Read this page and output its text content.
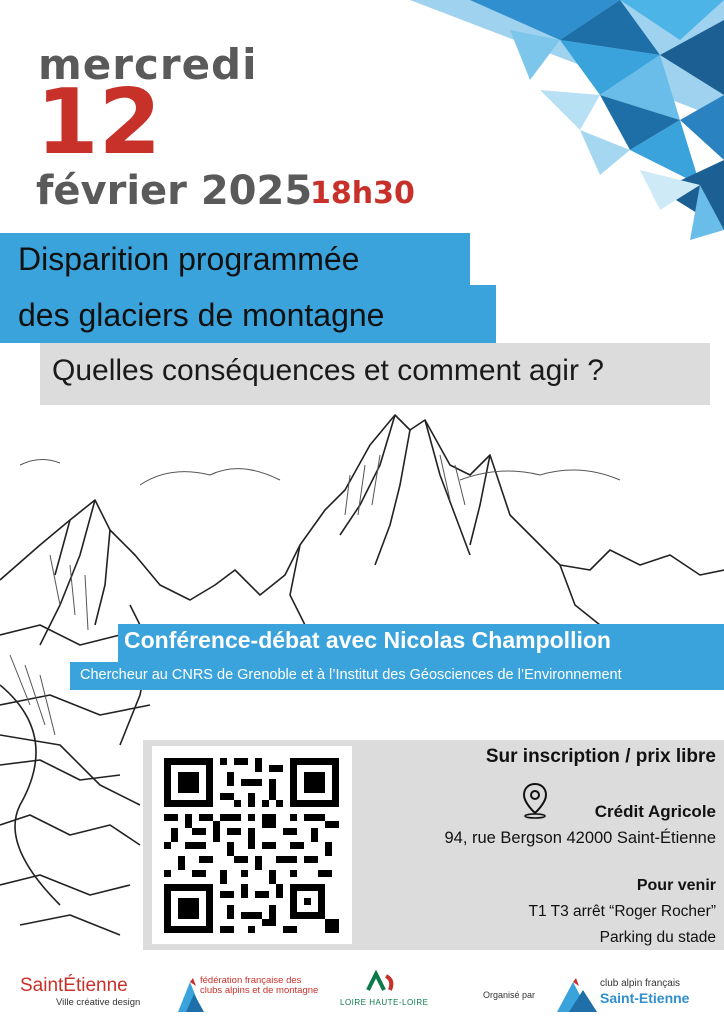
mercredi
12
février 2025
18h30
Disparition programmée
des glaciers de montagne
Quelles conséquences et comment agir ?
Conférence-débat avec Nicolas Champollion
Chercheur au CNRS de Grenoble et à l’Institut des Géosciences de l’Environnement
Sur inscription / prix libre
Crédit Agricole
94, rue Bergson 42000 Saint-Étienne
Pour venir
T1 T3 arrêt “Roger Rocher”
Parking du stade
SaintÉtienne
Ville créative design
fédération française des clubs alpins et de montagne
LOIRE HAUTE-LOIRE
Organisé par
club alpin français
Saint-Etienne
